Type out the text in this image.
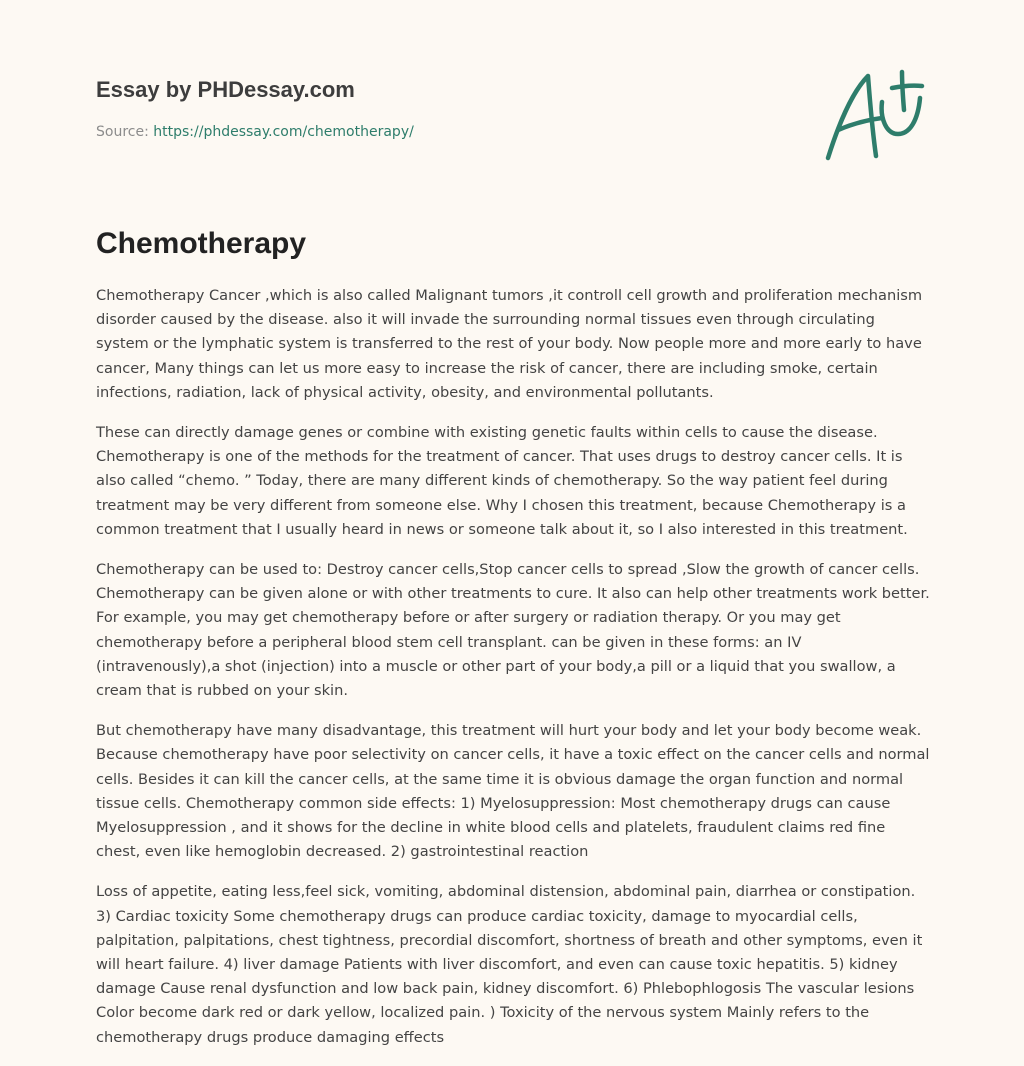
Essay by PHDessay.com
Source: https://phdessay.com/chemotherapy/
Chemotherapy

Chemotherapy Cancer ,which is also called Malignant tumors ,it controll cell growth and proliferation mechanism disorder caused by the disease. also it will invade the surrounding normal tissues even through circulating system or the lymphatic system is transferred to the rest of your body. Now people more and more early to have cancer, Many things can let us more easy to increase the risk of cancer, there are including smoke, certain infections, radiation, lack of physical activity, obesity, and environmental pollutants.

These can directly damage genes or combine with existing genetic faults within cells to cause the disease. Chemotherapy is one of the methods for the treatment of cancer. That uses drugs to destroy cancer cells. It is also called “chemo. ” Today, there are many different kinds of chemotherapy. So the way patient feel during treatment may be very different from someone else. Why I chosen this treatment, because Chemotherapy is a common treatment that I usually heard in news or someone talk about it, so I also interested in this treatment.

Chemotherapy can be used to: Destroy cancer cells,Stop cancer cells to spread ,Slow the growth of cancer cells. Chemotherapy can be given alone or with other treatments to cure. It also can help other treatments work better. For example, you may get chemotherapy before or after surgery or radiation therapy. Or you may get chemotherapy before a peripheral blood stem cell transplant. can be given in these forms: an IV (intravenously),a shot (injection) into a muscle or other part of your body,a pill or a liquid that you swallow, a cream that is rubbed on your skin.

But chemotherapy have many disadvantage, this treatment will hurt your body and let your body become weak. Because chemotherapy have poor selectivity on cancer cells, it have a toxic effect on the cancer cells and normal cells. Besides it can kill the cancer cells, at the same time it is obvious damage the organ function and normal tissue cells. Chemotherapy common side effects: 1) Myelosuppression: Most chemotherapy drugs can cause Myelosuppression , and it shows for the decline in white blood cells and platelets, fraudulent claims red fine chest, even like hemoglobin decreased. 2) gastrointestinal reaction

Loss of appetite, eating less,feel sick, vomiting, abdominal distension, abdominal pain, diarrhea or constipation. 3) Cardiac toxicity Some chemotherapy drugs can produce cardiac toxicity, damage to myocardial cells, palpitation, palpitations, chest tightness, precordial discomfort, shortness of breath and other symptoms, even it will heart failure. 4) liver damage Patients with liver discomfort, and even can cause toxic hepatitis. 5) kidney damage Cause renal dysfunction and low back pain, kidney discomfort. 6) Phlebophlogosis The vascular lesions Color become dark red or dark yellow, localized pain. ) Toxicity of the nervous system Mainly refers to the chemotherapy drugs produce damaging effects
